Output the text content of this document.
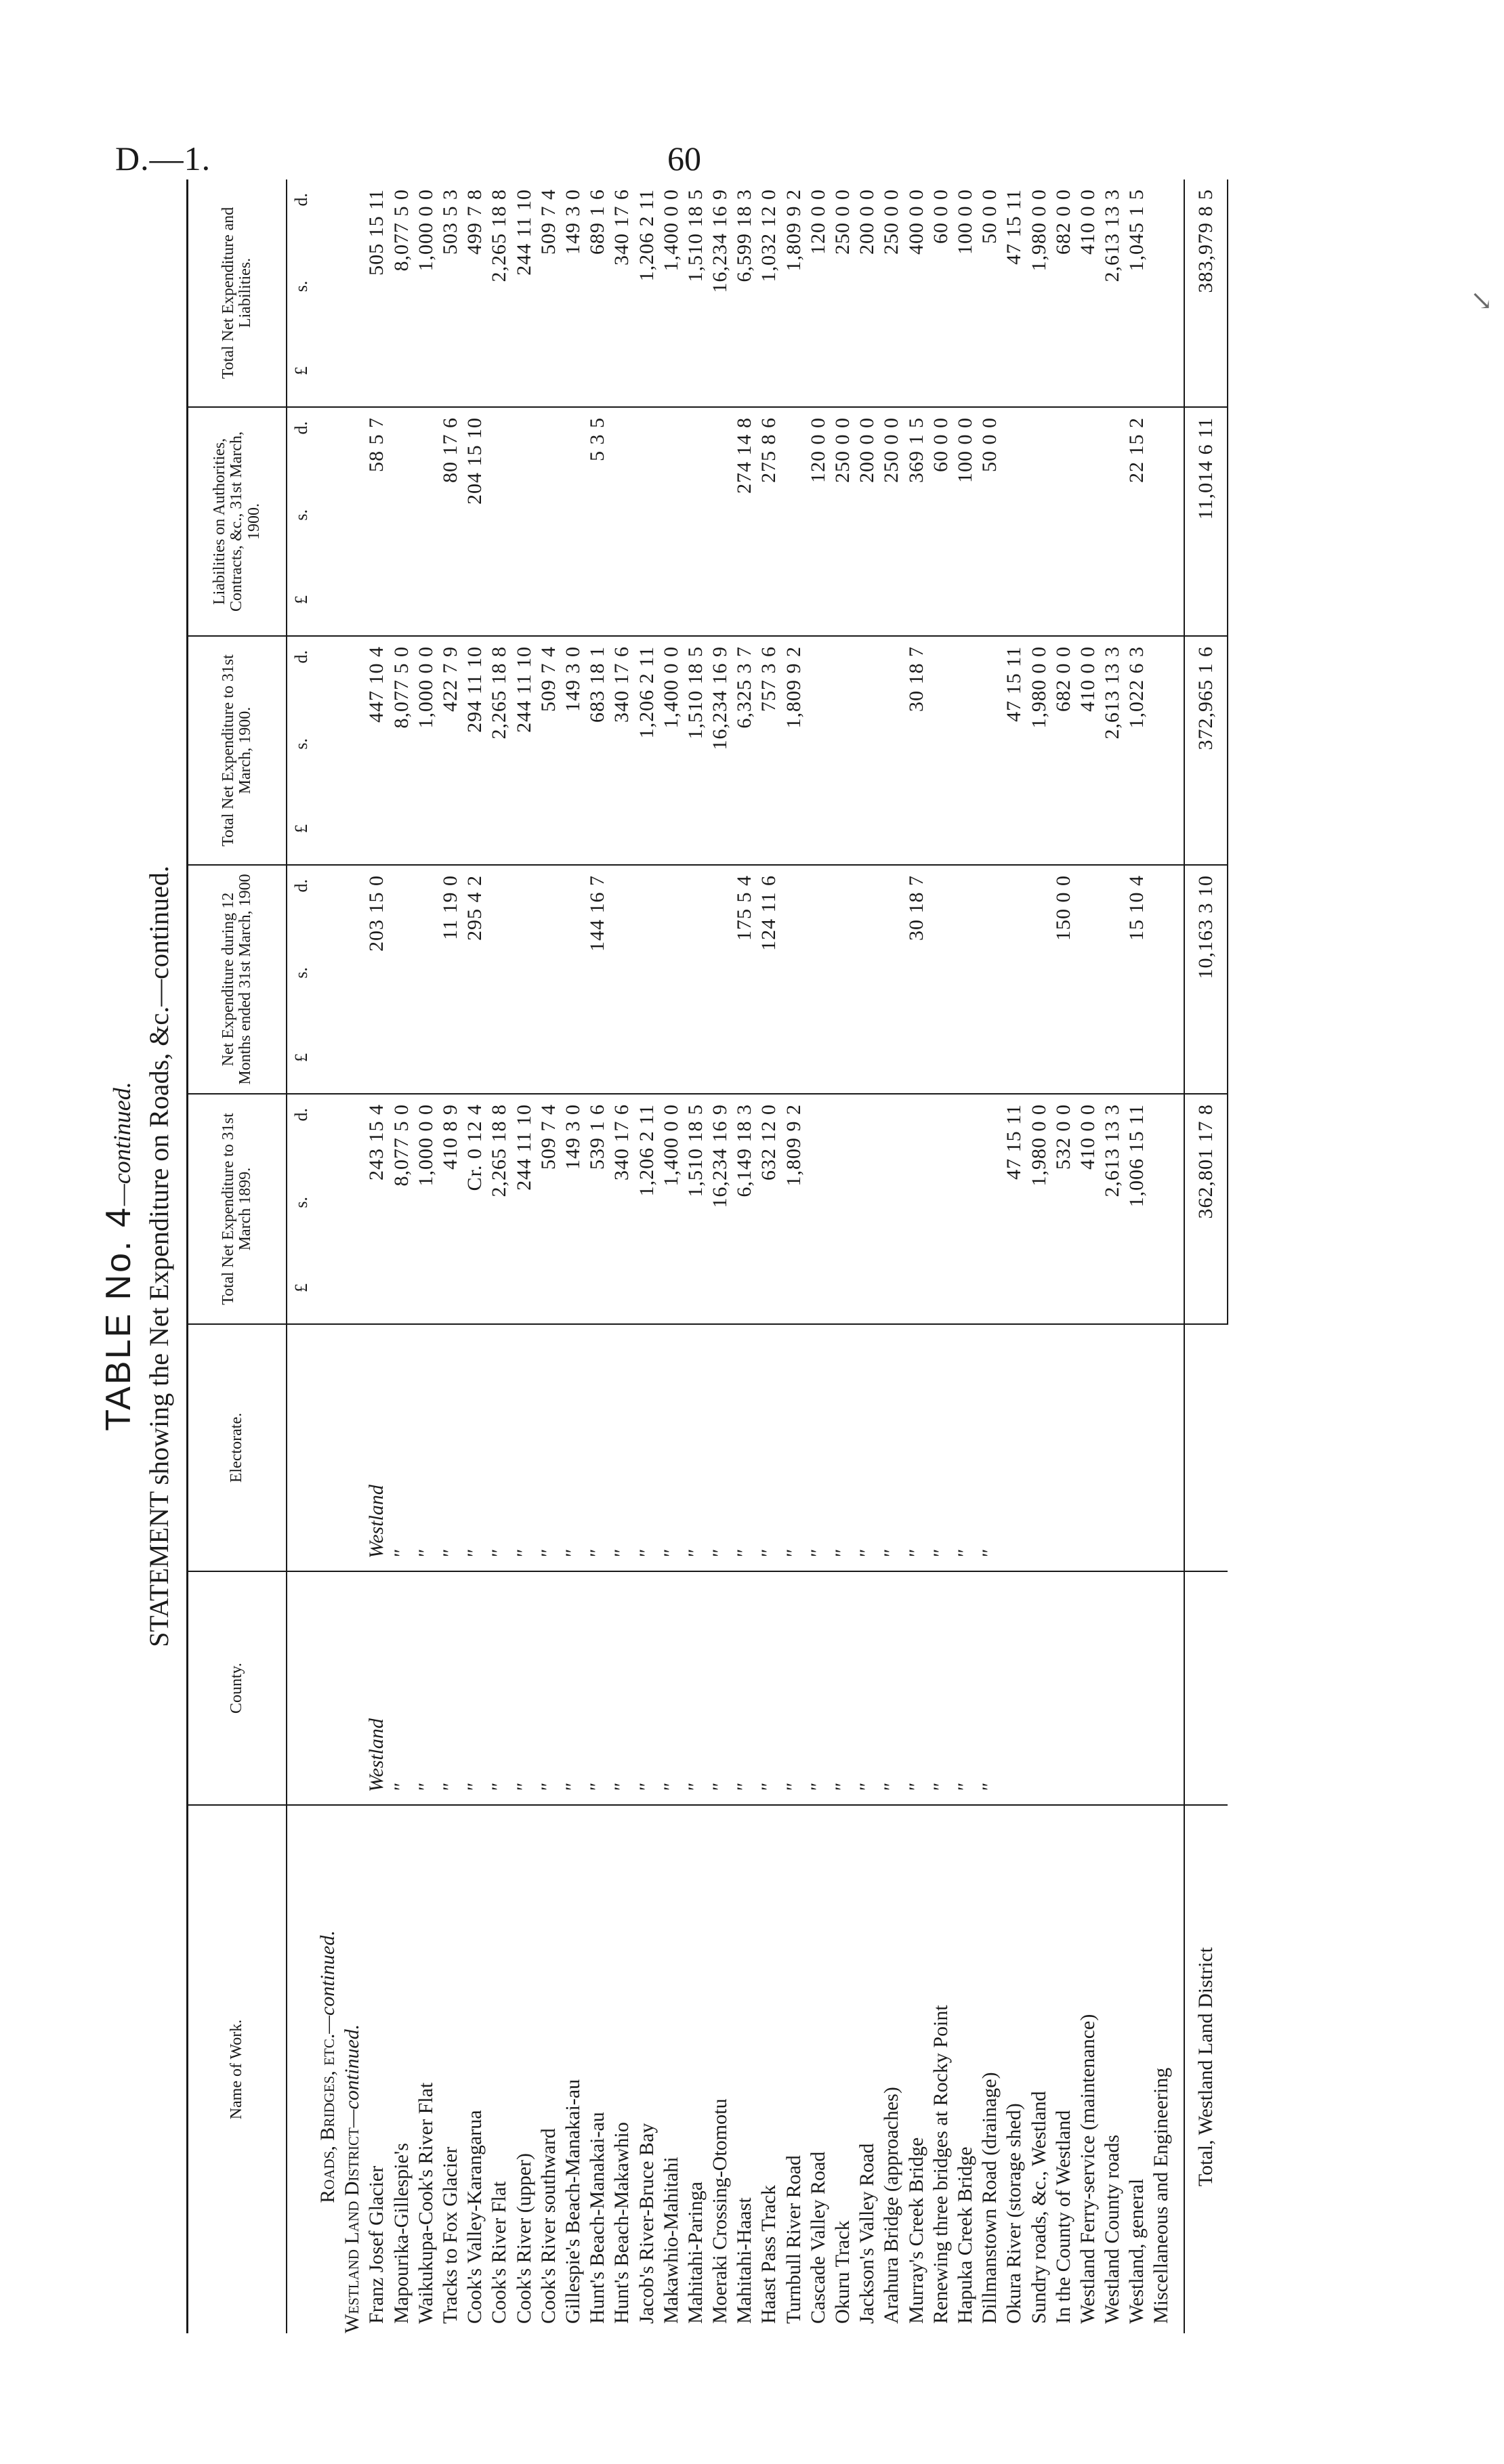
D.—1.	60
TABLE No. 4—continued. STATEMENT showing the Net Expenditure on Roads, &c.—continued.
Name of Work.	County.	Electorate.	Total Net Expenditure to 31st March 1899.	Net Expenditure during 12 Months ended 31st March, 1900	Total Net Expenditure to 31st March, 1900.	Liabilities on Authorities, Contracts, &c., 31st March, 1900.	Total Net Expenditure and Liabilities.

			£
s.
d.	£
s.
d.	£
s.
d.	£
s.
d.	£
s.
d.

Roads, Bridges, etc.—continued.							
Westland Land District—continued.							
Franz Josef Glacier	Westland	Westland	243 15 4	203 15 0	447 10 4	58 5 7	505 15 11
Mapourika-Gillespie's	"	"	8,077 5 0		8,077 5 0		8,077 5 0
Waikukupa-Cook's River Flat	"	"	1,000 0 0		1,000 0 0		1,000 0 0
Tracks to Fox Glacier	"	"	410 8 9	11 19 0	422 7 9	80 17 6	503 5 3
Cook's Valley-Karangarua	"	"	Cr. 0 12 4	295 4 2	294 11 10	204 15 10	499 7 8
Cook's River Flat	"	"	2,265 18 8		2,265 18 8		2,265 18 8
Cook's River (upper)	"	"	244 11 10		244 11 10		244 11 10
Cook's River southward	"	"	509 7 4		509 7 4		509 7 4
Gillespie's Beach-Manakai-au	"	"	149 3 0		149 3 0		149 3 0
Hunt's Beach-Manakai-au	"	"	539 1 6	144 16 7	683 18 1	5 3 5	689 1 6
Hunt's Beach-Makawhio	"	"	340 17 6		340 17 6		340 17 6
Jacob's River-Bruce Bay	"	"	1,206 2 11		1,206 2 11		1,206 2 11
Makawhio-Mahitahi	"	"	1,400 0 0		1,400 0 0		1,400 0 0
Mahitahi-Paringa	"	"	1,510 18 5		1,510 18 5		1,510 18 5
Moeraki Crossing-Otomotu	"	"	16,234 16 9		16,234 16 9		16,234 16 9
Mahitahi-Haast	"	"	6,149 18 3	175 5 4	6,325 3 7	274 14 8	6,599 18 3
Haast Pass Track	"	"	632 12 0	124 11 6	757 3 6	275 8 6	1,032 12 0
Turnbull River Road	"	"	1,809 9 2		1,809 9 2		1,809 9 2
Cascade Valley Road	"	"				120 0 0	120 0 0
Okuru Track	"	"				250 0 0	250 0 0
Jackson's Valley Road	"	"				200 0 0	200 0 0
Arahura Bridge (approaches)	"	"				250 0 0	250 0 0
Murray's Creek Bridge	"	"		30 18 7	30 18 7	369 1 5	400 0 0
Renewing three bridges at Rocky Point	"	"				60 0 0	60 0 0
Hapuka Creek Bridge	"	"				100 0 0	100 0 0
Dillmanstown Road (drainage)	"	"				50 0 0	50 0 0
Okura River (storage shed)			47 15 11		47 15 11		47 15 11
Sundry roads, &c., Westland			1,980 0 0		1,980 0 0		1,980 0 0
In the County of Westland			532 0 0	150 0 0	682 0 0		682 0 0
Westland Ferry-service (maintenance)			410 0 0		410 0 0		410 0 0
Westland County roads			2,613 13 3		2,613 13 3		2,613 13 3
Westland, general			1,006 15 11	15 10 4	1,022 6 3	22 15 2	1,045 1 5
Miscellaneous and Engineering							

Total, Westland Land District			362,801 17 8	10,163 3 10	372,965 1 6	11,014 6 11	383,979 8 5
↘
